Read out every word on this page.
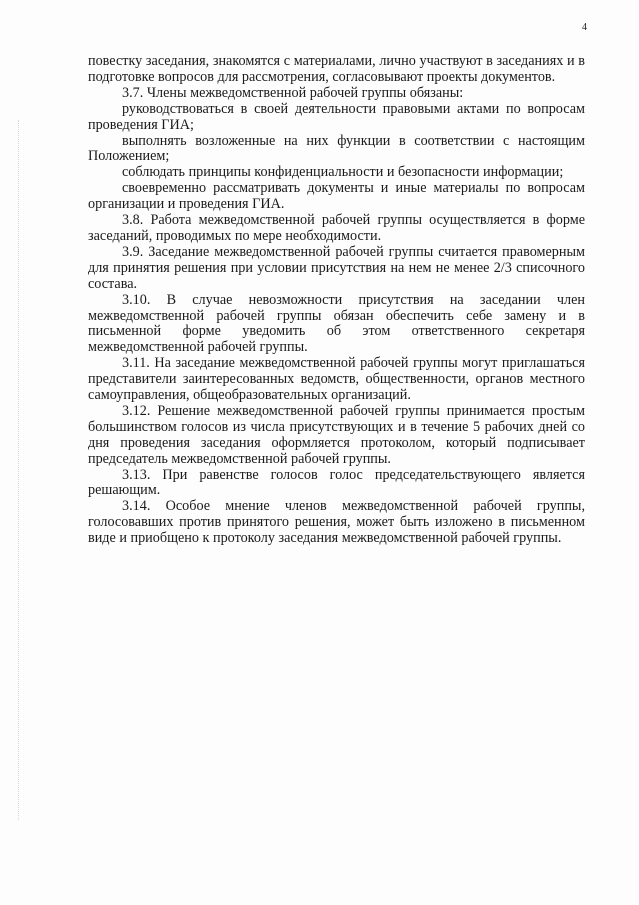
4

повестку заседания, знакомятся с материалами, лично участвуют в заседаниях и в подготовке вопросов для рассмотрения, согласовывают проекты документов.

3.7. Члены межведомственной рабочей группы обязаны:

руководствоваться в своей деятельности правовыми актами по вопросам проведения ГИА;

выполнять возложенные на них функции в соответствии с настоящим Положением;

соблюдать принципы конфиденциальности и безопасности информации;

своевременно рассматривать документы и иные материалы по вопросам организации и проведения ГИА.

3.8. Работа межведомственной рабочей группы осуществляется в форме заседаний, проводимых по мере необходимости.

3.9. Заседание межведомственной рабочей группы считается правомерным для принятия решения при условии присутствия на нем не менее 2/3 списочного состава.

3.10. В случае невозможности присутствия на заседании член межведомственной рабочей группы обязан обеспечить себе замену и в письменной форме уведомить об этом ответственного секретаря межведомственной рабочей группы.

3.11. На заседание межведомственной рабочей группы могут приглашаться представители заинтересованных ведомств, общественности, органов местного самоуправления, общеобразовательных организаций.

3.12. Решение межведомственной рабочей группы принимается простым большинством голосов из числа присутствующих и в течение 5 рабочих дней со дня проведения заседания оформляется протоколом, который подписывает председатель межведомственной рабочей группы.

3.13. При равенстве голосов голос председательствующего является решающим.

3.14. Особое мнение членов межведомственной рабочей группы, голосовавших против принятого решения, может быть изложено в письменном виде и приобщено к протоколу заседания межведомственной рабочей группы.
